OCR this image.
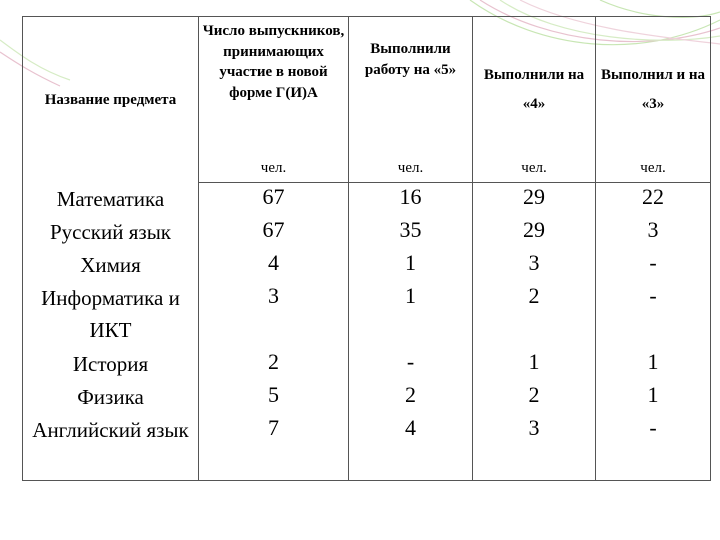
Название предмета	Число выпускников, принимающих участие в новой форме Г(И)А	Выполнили работу на «5»	Выполнили на «4»	Выполнил и на «3»
	чел.	чел.	чел.	чел.
Математика	67	16	29	22
Русский язык	67	35	29	3
Химия	4	1	3	-
Информатика и ИКТ	3	1	2	-
История	2	-	1	1
Физика	5	2	2	1
Английский язык	7	4	3	-
